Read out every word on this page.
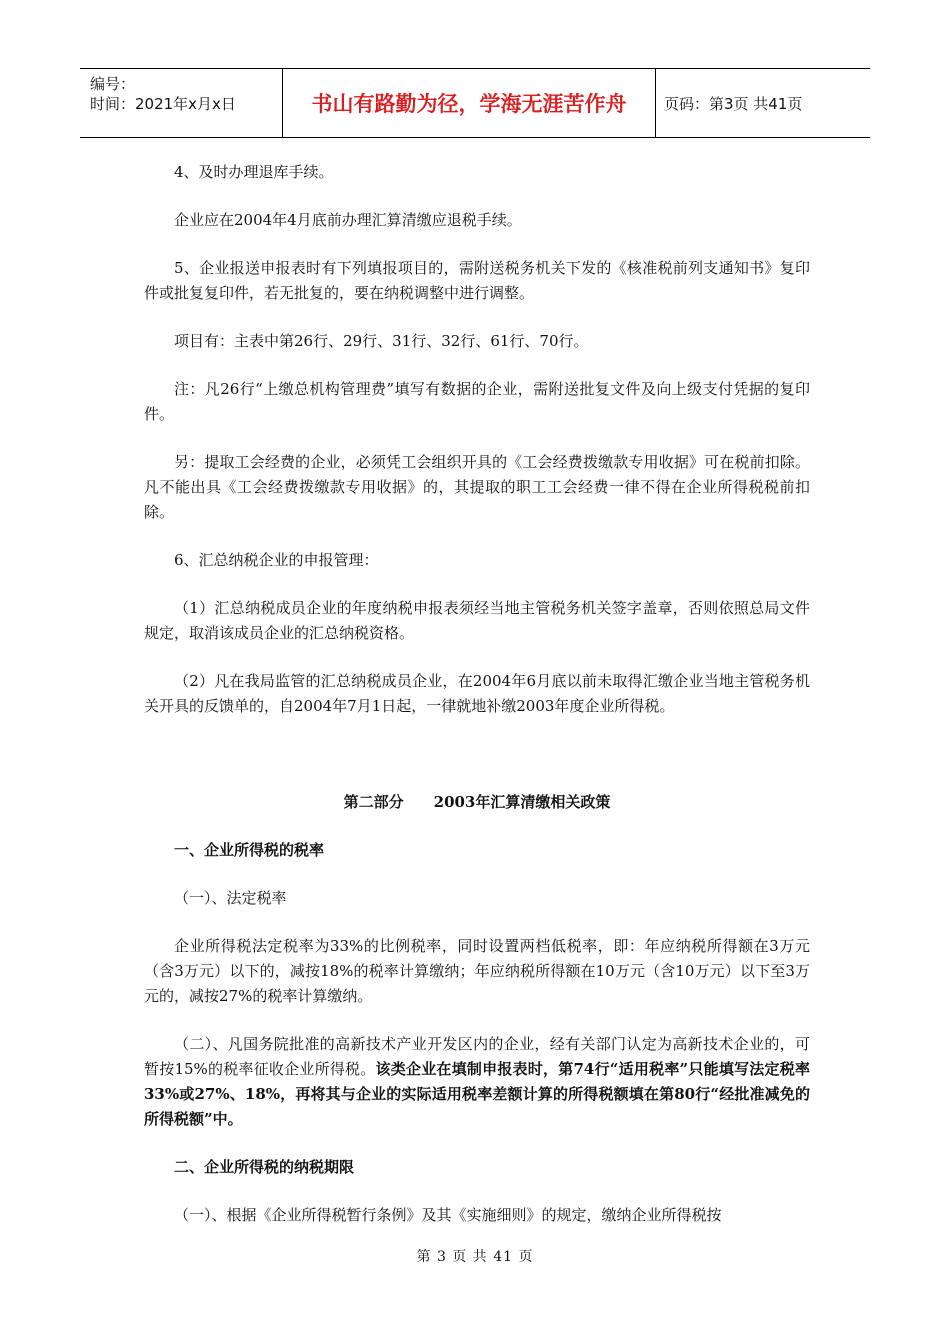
编号：
时间：2021年x月x日	书山有路勤为径，学海无涯苦作舟	页码：第3页 共41页

4、及时办理退库手续。

企业应在2004年4月底前办理汇算清缴应退税手续。

5、企业报送申报表时有下列填报项目的，需附送税务机关下发的《核准税前列支通知书》复印件或批复复印件，若无批复的，要在纳税调整中进行调整。

项目有：主表中第26行、29行、31行、32行、61行、70行。

注：凡26行“上缴总机构管理费”填写有数据的企业，需附送批复文件及向上级支付凭据的复印件。

另：提取工会经费的企业，必须凭工会组织开具的《工会经费拨缴款专用收据》可在税前扣除。凡不能出具《工会经费拨缴款专用收据》的，其提取的职工工会经费一律不得在企业所得税税前扣除。

6、汇总纳税企业的申报管理：

（1）汇总纳税成员企业的年度纳税申报表须经当地主管税务机关签字盖章，否则依照总局文件规定，取消该成员企业的汇总纳税资格。

（2）凡在我局监管的汇总纳税成员企业，在2004年6月底以前未取得汇缴企业当地主管税务机关开具的反馈单的，自2004年7月1日起，一律就地补缴2003年度企业所得税。

第二部分　　2003年汇算清缴相关政策

一、企业所得税的税率

（一）、法定税率

企业所得税法定税率为33%的比例税率，同时设置两档低税率，即：年应纳税所得额在3万元（含3万元）以下的，减按18%的税率计算缴纳；年应纳税所得额在10万元（含10万元）以下至3万元的，减按27%的税率计算缴纳。

（二）、凡国务院批准的高新技术产业开发区内的企业，经有关部门认定为高新技术企业的，可暂按15%的税率征收企业所得税。该类企业在填制申报表时，第74行“适用税率”只能填写法定税率33%或27%、18%，再将其与企业的实际适用税率差额计算的所得税额填在第80行“经批准减免的所得税额”中。

二、企业所得税的纳税期限

（一）、根据《企业所得税暂行条例》及其《实施细则》的规定，缴纳企业所得税按

第 3 页 共 41 页
